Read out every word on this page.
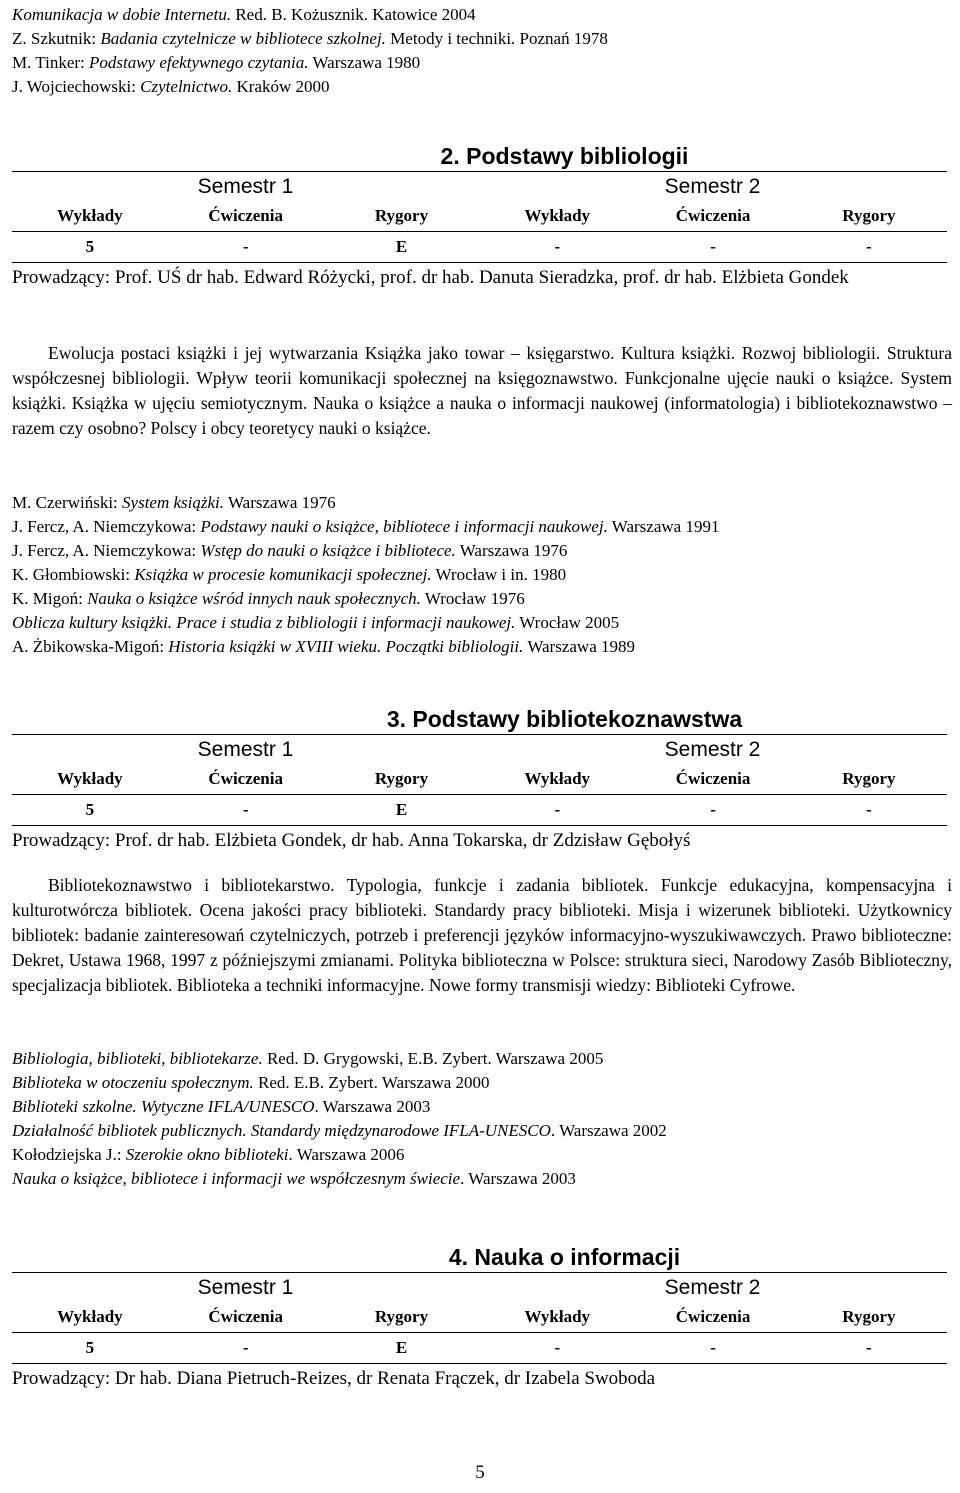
Komunikacja w dobie Internetu. Red. B. Kożusznik. Katowice 2004
Z. Szkutnik: Badania czytelnicze w bibliotece szkolnej. Metody i techniki. Poznań 1978
M. Tinker: Podstawy efektywnego czytania. Warszawa 1980
J. Wojciechowski: Czytelnictwo. Kraków 2000
2. Podstawy bibliologii
Semestr 1	Semestr 2
Wykłady	Ćwiczenia	Rygory	Wykłady	Ćwiczenia	Rygory
5	-	E	-	-	-
Prowadzący: Prof. UŚ dr hab. Edward Różycki, prof. dr hab. Danuta Sieradzka, prof. dr hab. Elżbieta Gondek
Ewolucja postaci książki i jej wytwarzania Książka jako towar – księgarstwo. Kultura książki. Rozwoj bibliologii. Struktura współczesnej bibliologii. Wpływ teorii komunikacji społecznej na księgoznawstwo. Funkcjonalne ujęcie nauki o książce. System książki. Książka w ujęciu semiotycznym. Nauka o książce a nauka o informacji naukowej (informatologia) i bibliotekoznawstwo – razem czy osobno? Polscy i obcy teoretycy nauki o książce.
M. Czerwiński: System książki. Warszawa 1976
J. Fercz, A. Niemczykowa: Podstawy nauki o książce, bibliotece i informacji naukowej. Warszawa 1991
J. Fercz, A. Niemczykowa: Wstęp do nauki o książce i bibliotece. Warszawa 1976
K. Głombiowski: Książka w procesie komunikacji społecznej. Wrocław i in. 1980
K. Migoń: Nauka o książce wśród innych nauk społecznych. Wrocław 1976
Oblicza kultury książki. Prace i studia z bibliologii i informacji naukowej. Wrocław 2005
A. Żbikowska-Migoń: Historia książki w XVIII wieku. Początki bibliologii. Warszawa 1989
3. Podstawy bibliotekoznawstwa
Semestr 1	Semestr 2
Wykłady	Ćwiczenia	Rygory	Wykłady	Ćwiczenia	Rygory
5	-	E	-	-	-
Prowadzący: Prof. dr hab. Elżbieta Gondek, dr hab. Anna Tokarska, dr Zdzisław Gębołyś
Bibliotekoznawstwo i bibliotekarstwo. Typologia, funkcje i zadania bibliotek. Funkcje edukacyjna, kompensacyjna i kulturotwórcza bibliotek. Ocena jakości pracy biblioteki. Standardy pracy biblioteki. Misja i wizerunek biblioteki. Użytkownicy bibliotek: badanie zainteresowań czytelniczych, potrzeb i preferencji języków informacyjno-wyszukiwawczych. Prawo biblioteczne: Dekret, Ustawa 1968, 1997 z późniejszymi zmianami. Polityka biblioteczna w Polsce: struktura sieci, Narodowy Zasób Biblioteczny, specjalizacja bibliotek. Biblioteka a techniki informacyjne. Nowe formy transmisji wiedzy: Biblioteki Cyfrowe.
Bibliologia, biblioteki, bibliotekarze. Red. D. Grygowski, E.B. Zybert. Warszawa 2005
Biblioteka w otoczeniu społecznym. Red. E.B. Zybert. Warszawa 2000
Biblioteki szkolne. Wytyczne IFLA/UNESCO. Warszawa 2003
Działalność bibliotek publicznych. Standardy międzynarodowe IFLA-UNESCO. Warszawa 2002
Kołodziejska J.: Szerokie okno biblioteki. Warszawa 2006
Nauka o książce, bibliotece i informacji we współczesnym świecie. Warszawa 2003
4. Nauka o informacji
Semestr 1	Semestr 2
Wykłady	Ćwiczenia	Rygory	Wykłady	Ćwiczenia	Rygory
5	-	E	-	-	-
Prowadzący: Dr hab. Diana Pietruch-Reizes, dr Renata Frączek, dr Izabela Swoboda
5
